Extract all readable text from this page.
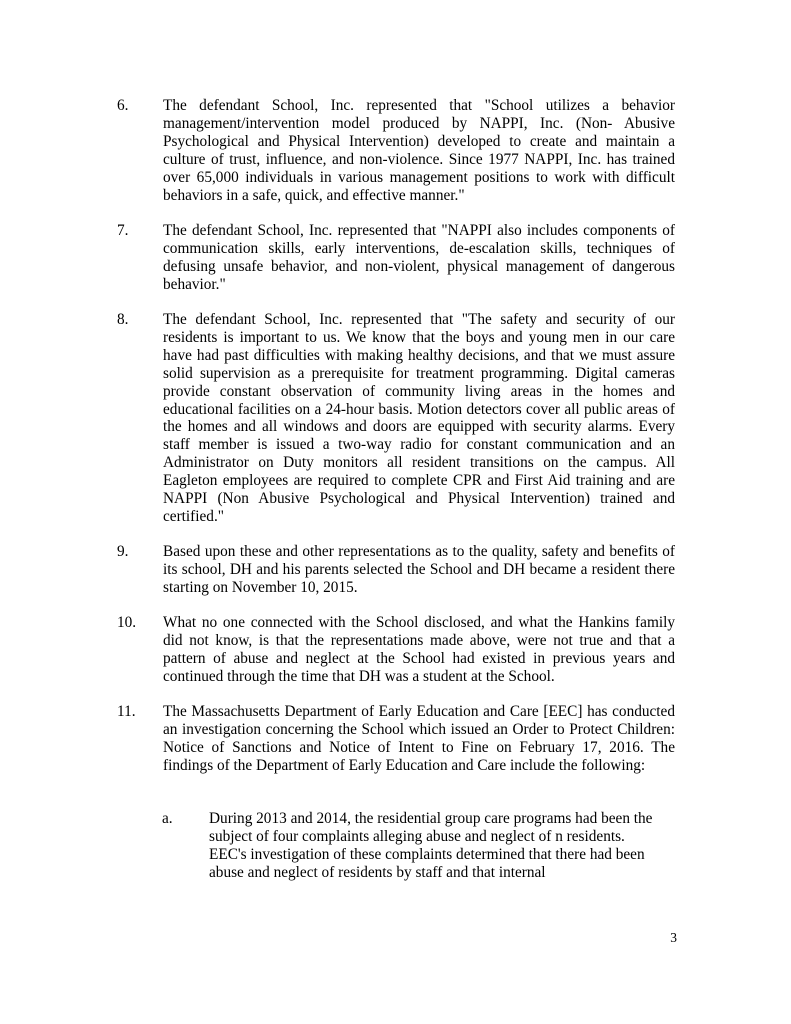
6. The defendant School, Inc. represented that "School utilizes a behavior management/intervention model produced by NAPPI, Inc. (Non- Abusive Psychological and Physical Intervention) developed to create and maintain a culture of trust, influence, and non-violence. Since 1977 NAPPI, Inc. has trained over 65,000 individuals in various management positions to work with difficult behaviors in a safe, quick, and effective manner."
7. The defendant School, Inc. represented that "NAPPI also includes components of communication skills, early interventions, de-escalation skills, techniques of defusing unsafe behavior, and non-violent, physical management of dangerous behavior."
8. The defendant School, Inc. represented that "The safety and security of our residents is important to us. We know that the boys and young men in our care have had past difficulties with making healthy decisions, and that we must assure solid supervision as a prerequisite for treatment programming. Digital cameras provide constant observation of community living areas in the homes and educational facilities on a 24-hour basis. Motion detectors cover all public areas of the homes and all windows and doors are equipped with security alarms. Every staff member is issued a two-way radio for constant communication and an Administrator on Duty monitors all resident transitions on the campus. All Eagleton employees are required to complete CPR and First Aid training and are NAPPI (Non Abusive Psychological and Physical Intervention) trained and certified."
9. Based upon these and other representations as to the quality, safety and benefits of its school, DH and his parents selected the School and DH became a resident there starting on November 10, 2015.
10. What no one connected with the School disclosed, and what the Hankins family did not know, is that the representations made above, were not true and that a pattern of abuse and neglect at the School had existed in previous years and continued through the time that DH was a student at the School.
11. The Massachusetts Department of Early Education and Care [EEC] has conducted an investigation concerning the School which issued an Order to Protect Children: Notice of Sanctions and Notice of Intent to Fine on February 17, 2016. The findings of the Department of Early Education and Care include the following:
a. During 2013 and 2014, the residential group care programs had been the subject of four complaints alleging abuse and neglect of n residents. EEC's investigation of these complaints determined that there had been abuse and neglect of residents by staff and that internal
3
